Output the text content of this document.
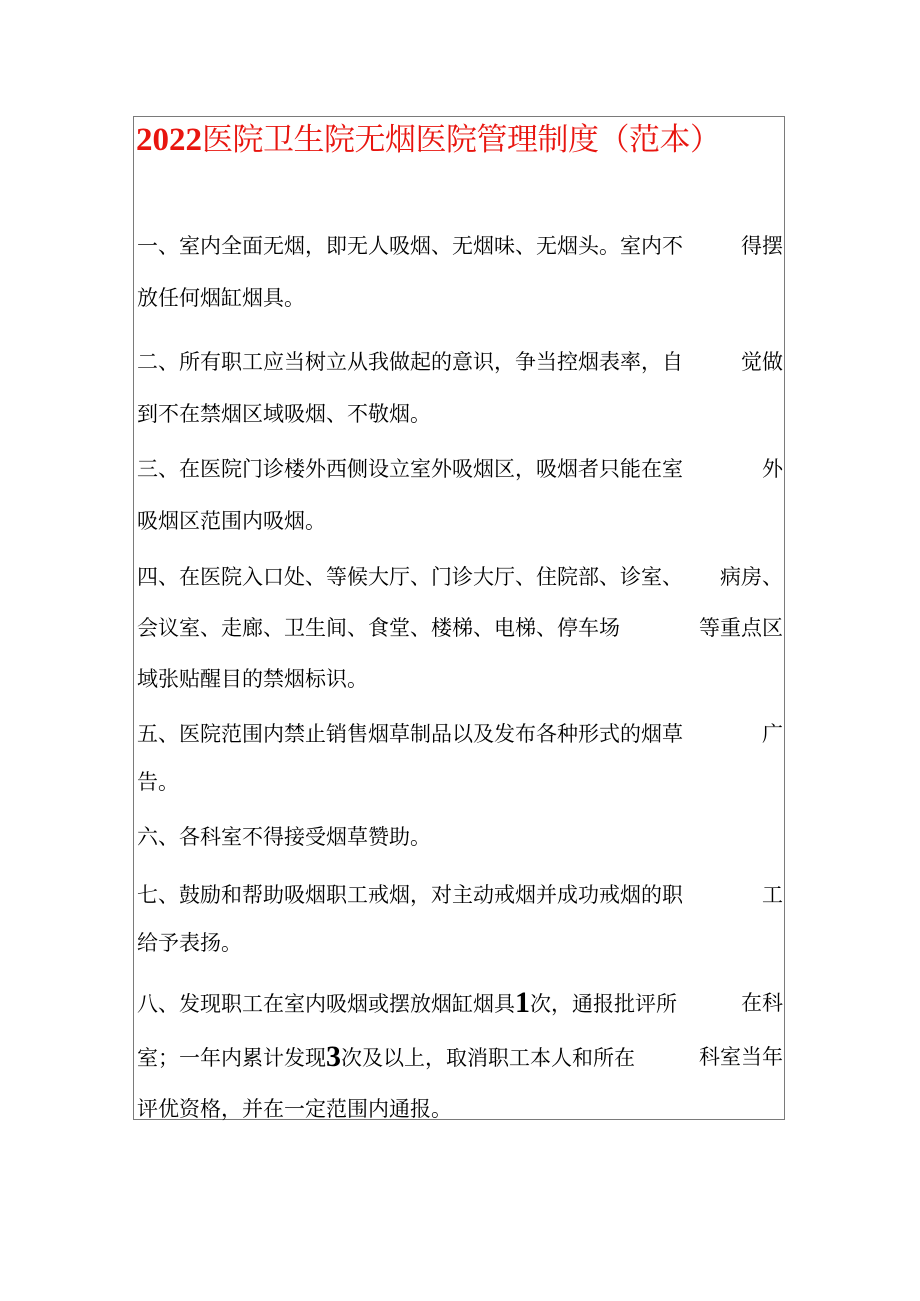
2022医院卫生院无烟医院管理制度（范本）
一、室内全面无烟，即无人吸烟、无烟味、无烟头。室内不	得摆
放任何烟缸烟具。
二、所有职工应当树立从我做起的意识，争当控烟表率，自	觉做
到不在禁烟区域吸烟、不敬烟。
三、在医院门诊楼外西侧设立室外吸烟区，吸烟者只能在室	外
吸烟区范围内吸烟。
四、在医院入口处、等候大厅、门诊大厅、住院部、诊室、 病房、
会议室、走廊、卫生间、食堂、楼梯、电梯、停车场	等重点区
域张贴醒目的禁烟标识。
五、医院范围内禁止销售烟草制品以及发布各种形式的烟草	广
告。
六、各科室不得接受烟草赞助。
七、鼓励和帮助吸烟职工戒烟，对主动戒烟并成功戒烟的职	工
给予表扬。
八、发现职工在室内吸烟或摆放烟缸烟具1次，通报批评所	在科
室；一年内累计发现3次及以上，取消职工本人和所在	科室当年
评优资格，并在一定范围内通报。
